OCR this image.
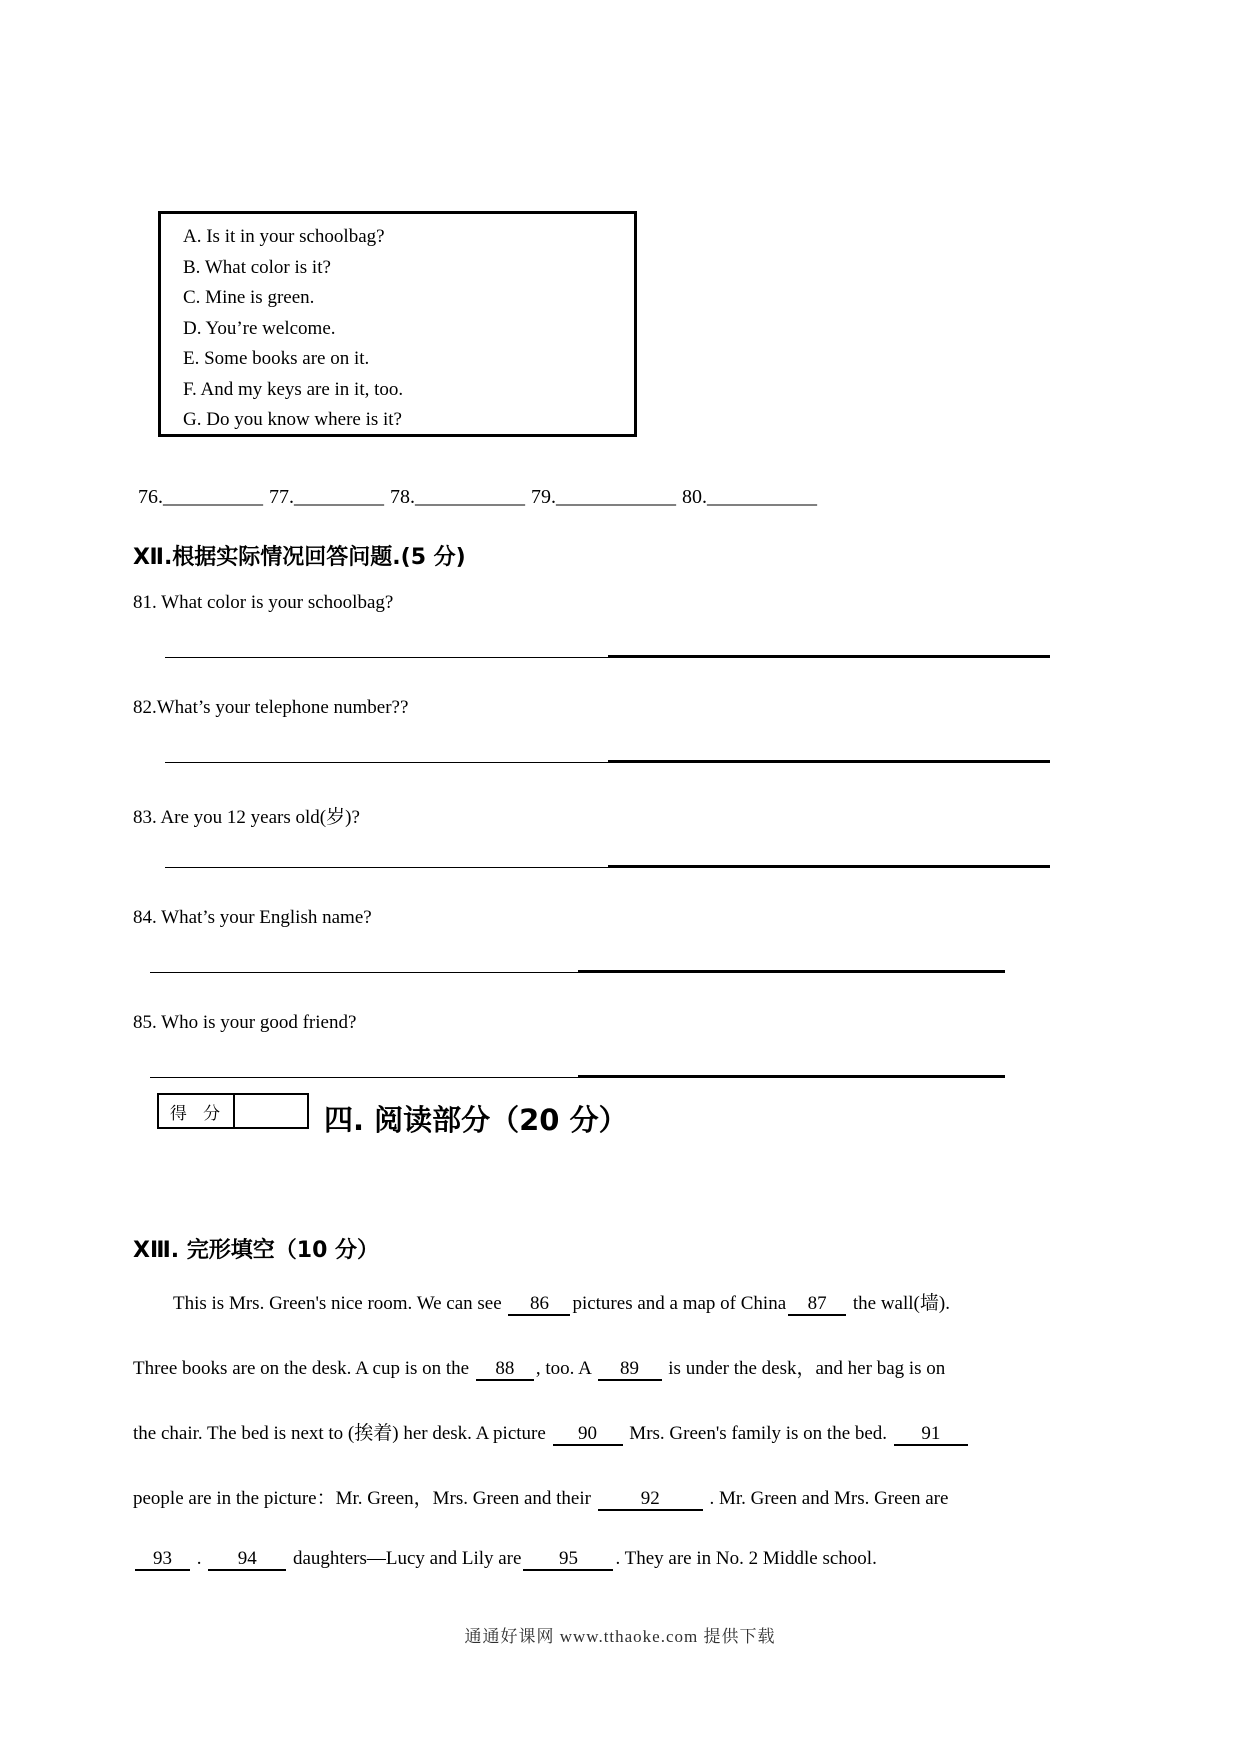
A. Is it in your schoolbag?
B. What color is it?
C. Mine is green.
D. You’re welcome.
E. Some books are on it.
F. And my keys are in it, too.
G. Do you know where is it?
76.__________ 77._________ 78.___________ 79.____________ 80.___________
Ⅻ.根据实际情况回答问题.(5 分)
81. What color is your schoolbag?
82.What’s your telephone number??
83. Are you 12 years old(岁)?
84. What’s your English name?
85. Who is your good friend?
得 分	四. 阅读部分（20 分）
XⅢ. 完形填空（10 分）
This is Mrs. Green's nice room. We can see 86 pictures and a map of China 87 the wall(墙).
Three books are on the desk. A cup is on the 88 , too. A 89 is under the desk，and her bag is on
the chair. The bed is next to (挨着) her desk. A picture 90 Mrs. Green's family is on the bed. 91
people are in the picture：Mr. Green，Mrs. Green and their 92 . Mr. Green and Mrs. Green are
93 . 94 daughters—Lucy and Lily are 95 . They are in No. 2 Middle school.
通通好课网 www.tthaoke.com 提供下载
